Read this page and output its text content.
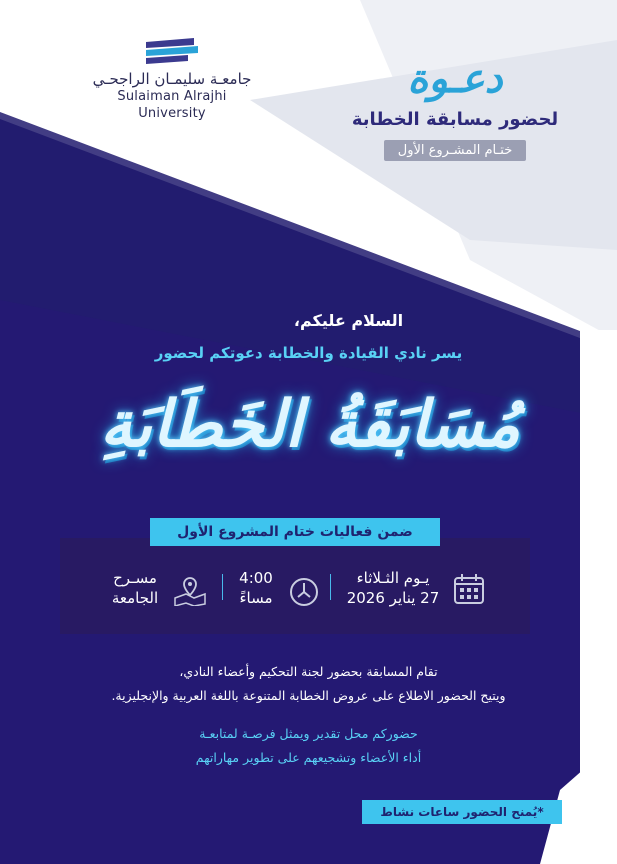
جامعـة سليمـان الراجحـي
Sulaiman Alrajhi University
دعـوة
لحضور مسابقة الخطابة
ختـام المشـروع الأول
السلام عليكم،
يسر نادي القيادة والخطابة دعوتكم لحضور
مُسَابَقَةُ الخَطَابَةِ
مسـرح
الجامعة
4:00
مساءً
يـوم الثـلاثاء
27 يناير 2026
ضمن فعاليات ختام المشروع الأول
تقام المسابقة بحضور لجنة التحكيم وأعضاء النادي،
ويتيح الحضور الاطلاع على عروض الخطابة المتنوعة باللغة العربية والإنجليزية.
حضوركم محل تقدير ويمثل فرصـة لمتابعـة
أداء الأعضاء وتشجيعهم على تطوير مهاراتهم
*يُمنح الحضور ساعات نشاط
